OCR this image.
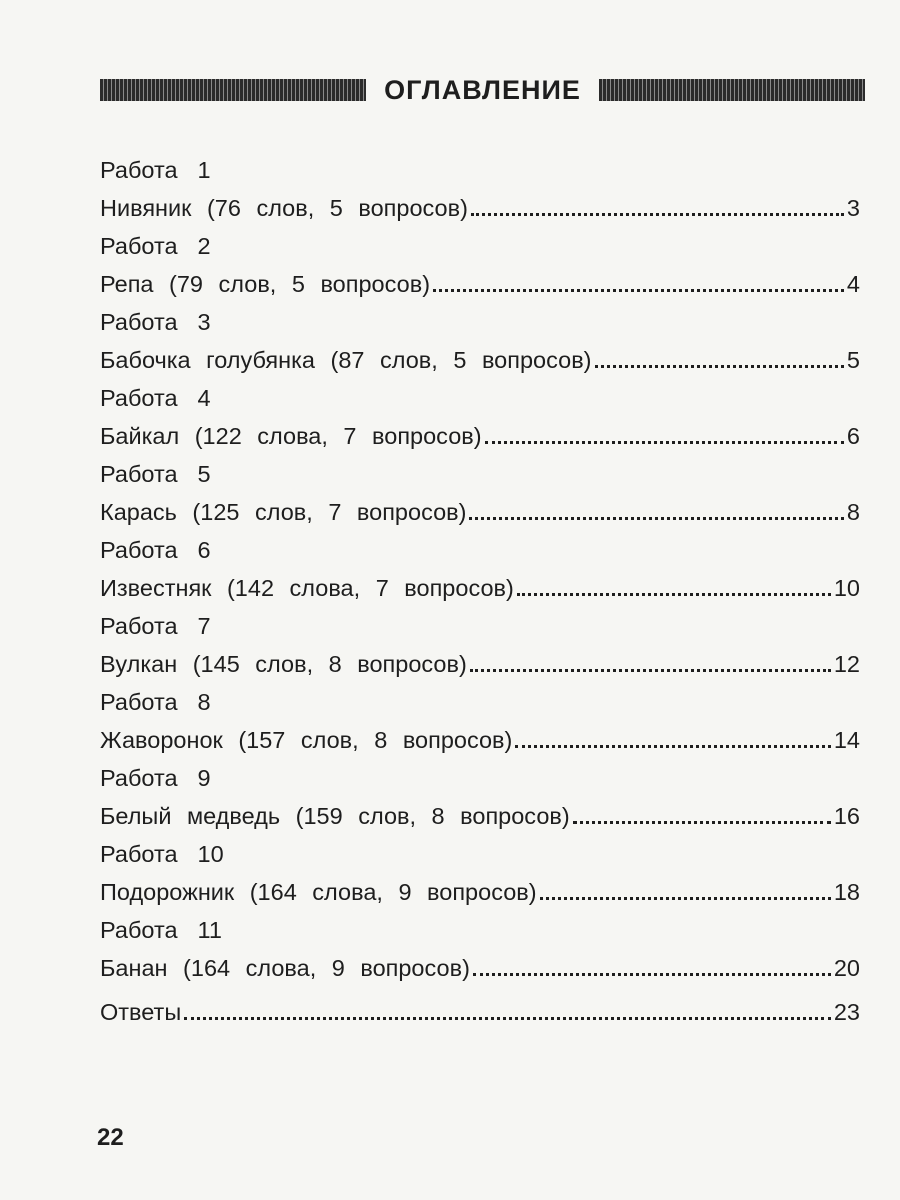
ОГЛАВЛЕНИЕ
Работа 1
Нивяник (76 слов, 5 вопросов)	3
Работа 2
Репа (79 слов, 5 вопросов)	4
Работа 3
Бабочка голубянка (87 слов, 5 вопросов)	5
Работа 4
Байкал (122 слова, 7 вопросов)	6
Работа 5
Карась (125 слов, 7 вопросов)	8
Работа 6
Известняк (142 слова, 7 вопросов)	10
Работа 7
Вулкан (145 слов, 8 вопросов)	12
Работа 8
Жаворонок (157 слов, 8 вопросов)	14
Работа 9
Белый медведь (159 слов, 8 вопросов)	16
Работа 10
Подорожник (164 слова, 9 вопросов)	18
Работа 11
Банан (164 слова, 9 вопросов)	20
Ответы	23
22
